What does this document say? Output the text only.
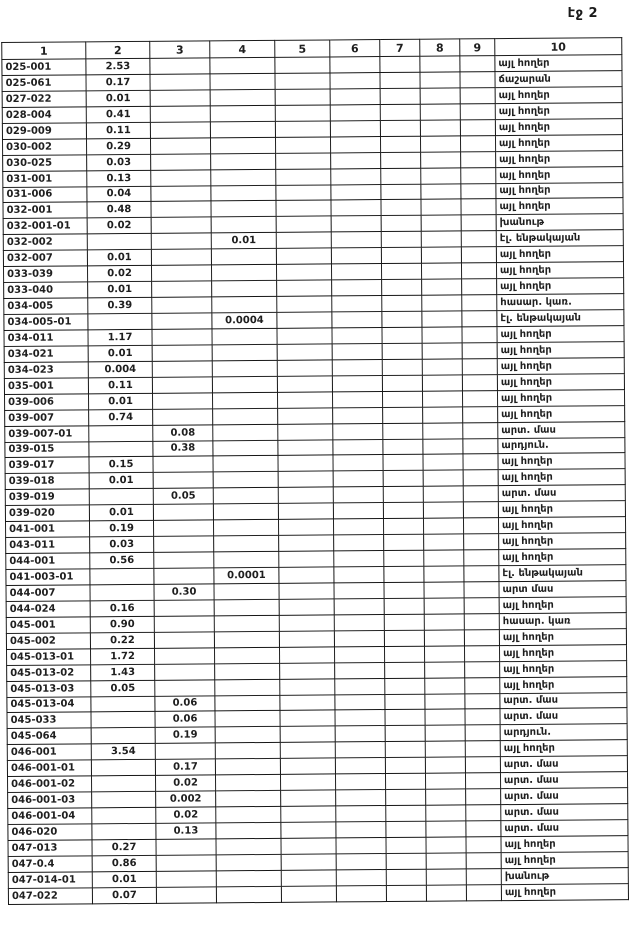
էջ 2
1	2	3	4	5	6	7	8	9	10
025-001	2.53								այլ հողեր
025-061	0.17								ճաշարան
027-022	0.01								այլ հողեր
028-004	0.41								այլ հողեր
029-009	0.11								այլ հողեր
030-002	0.29								այլ հողեր
030-025	0.03								այլ հողեր
031-001	0.13								այլ հողեր
031-006	0.04								այլ հողեր
032-001	0.48								այլ հողեր
032-001-01	0.02								խանութ
032-002			0.01						էլ. ենթակայան
032-007	0.01								այլ հողեր
033-039	0.02								այլ հողեր
033-040	0.01								այլ հողեր
034-005	0.39								հասար. կառ.
034-005-01			0.0004						էլ. ենթակայան
034-011	1.17								այլ հողեր
034-021	0.01								այլ հողեր
034-023	0.004								այլ հողեր
035-001	0.11								այլ հողեր
039-006	0.01								այլ հողեր
039-007	0.74								այլ հողեր
039-007-01		0.08							արտ. մաս
039-015		0.38							արդյուն.
039-017	0.15								այլ հողեր
039-018	0.01								այլ հողեր
039-019		0.05							արտ. մաս
039-020	0.01								այլ հողեր
041-001	0.19								այլ հողեր
043-011	0.03								այլ հողեր
044-001	0.56								այլ հողեր
041-003-01			0.0001						էլ. ենթակայան
044-007		0.30							արտ մաս
044-024	0.16								այլ հողեր
045-001	0.90								հասար. կառ
045-002	0.22								այլ հողեր
045-013-01	1.72								այլ հողեր
045-013-02	1.43								այլ հողեր
045-013-03	0.05								այլ հողեր
045-013-04		0.06							արտ. մաս
045-033		0.06							արտ. մաս
045-064		0.19							արդյուն.
046-001	3.54								այլ հողեր
046-001-01		0.17							արտ. մաս
046-001-02		0.02							արտ. մաս
046-001-03		0.002							արտ. մաս
046-001-04		0.02							արտ. մաս
046-020		0.13							արտ. մաս
047-013	0.27								այլ հողեր
047-0.4	0.86								այլ հողեր
047-014-01	0.01								խանութ
047-022	0.07								այլ հողեր
